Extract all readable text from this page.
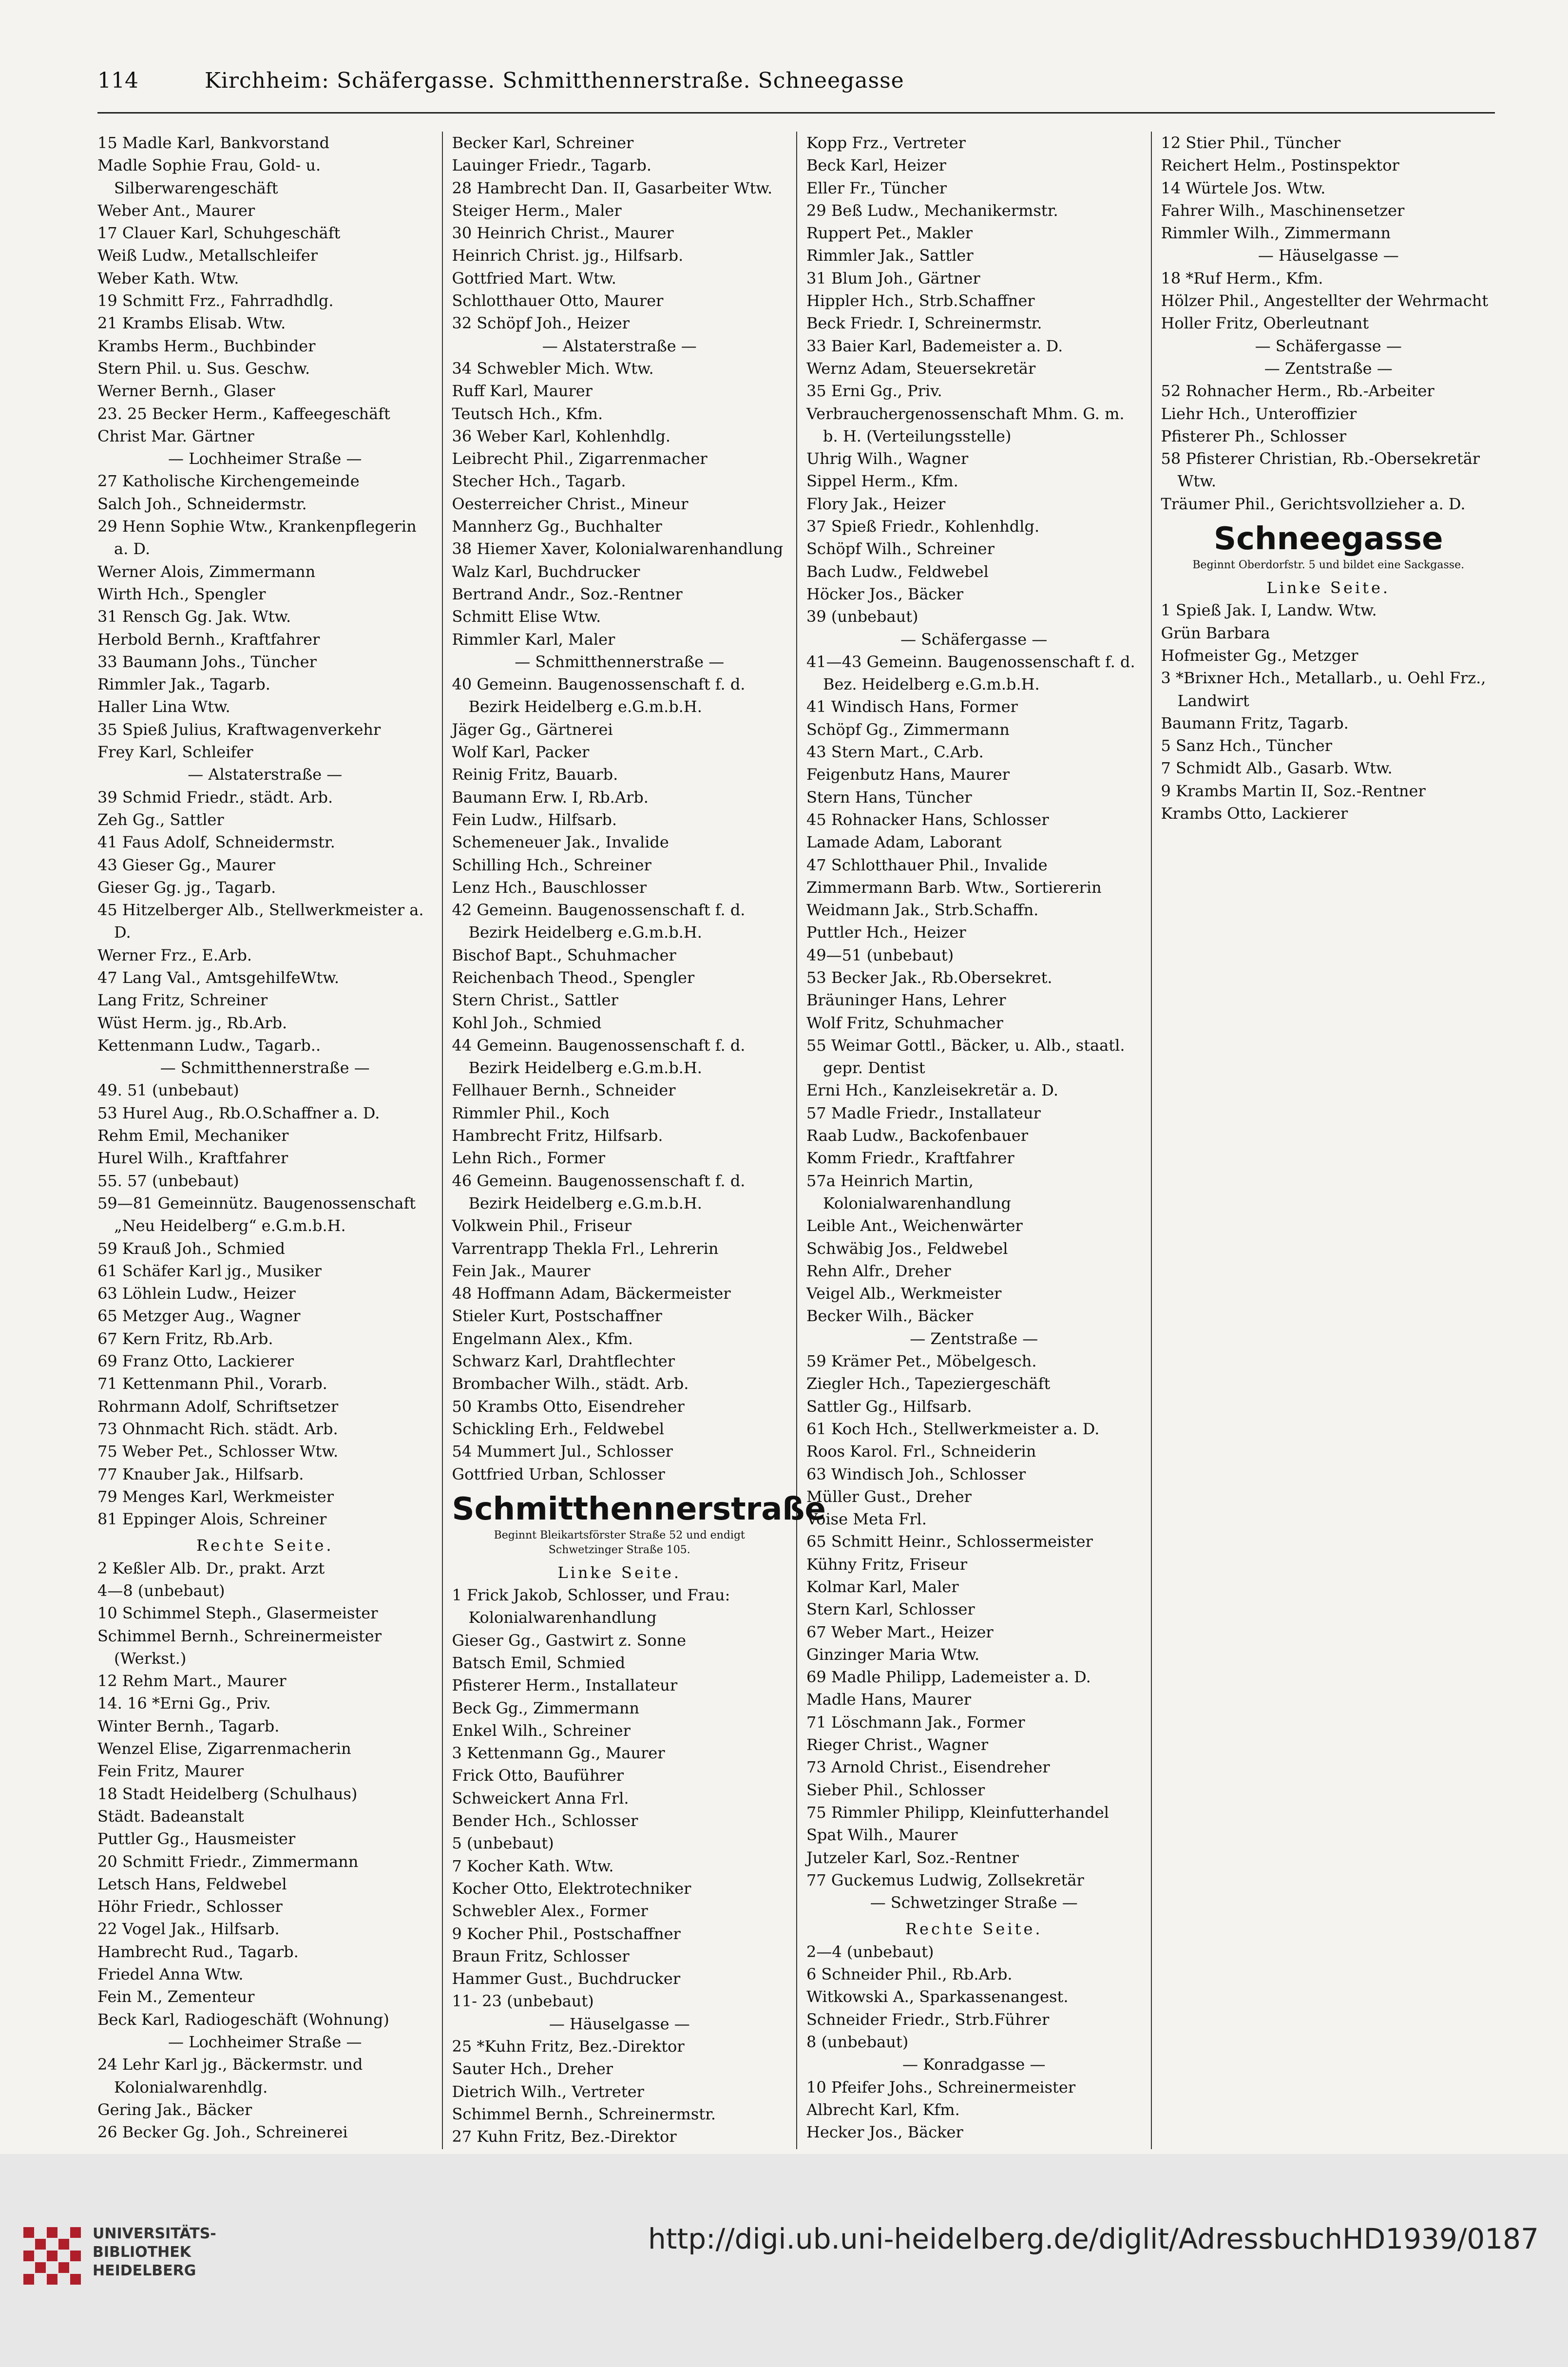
114	Kirchheim: Schäfergasse. Schmitthennerstraße. Schneegasse
15 Madle Karl, Bankvorstand
Madle Sophie Frau, Gold- u. Silberwarengeschäft
Weber Ant., Maurer
17 Clauer Karl, Schuhgeschäft
Weiß Ludw., Metallschleifer
Weber Kath. Wtw.
19 Schmitt Frz., Fahrradhdlg.
21 Krambs Elisab. Wtw.
Krambs Herm., Buchbinder
Stern Phil. u. Sus. Geschw.
Werner Bernh., Glaser
23. 25 Becker Herm., Kaffeegeschäft
Christ Mar. Gärtner
— Lochheimer Straße —
27 Katholische Kirchengemeinde
Salch Joh., Schneidermstr.
29 Henn Sophie Wtw., Krankenpflegerin a. D.
Werner Alois, Zimmermann
Wirth Hch., Spengler
31 Rensch Gg. Jak. Wtw.
Herbold Bernh., Kraftfahrer
33 Baumann Johs., Tüncher
Rimmler Jak., Tagarb.
Haller Lina Wtw.
35 Spieß Julius, Kraftwagenverkehr
Frey Karl, Schleifer
— Alstaterstraße —
39 Schmid Friedr., städt. Arb.
Zeh Gg., Sattler
41 Faus Adolf, Schneidermstr.
43 Gieser Gg., Maurer
Gieser Gg. jg., Tagarb.
45 Hitzelberger Alb., Stellwerkmeister a. D.
Werner Frz., E.Arb.
47 Lang Val., AmtsgehilfeWtw.
Lang Fritz, Schreiner
Wüst Herm. jg., Rb.Arb.
Kettenmann Ludw., Tagarb..
— Schmitthennerstraße —
49. 51 (unbebaut)
53 Hurel Aug., Rb.O.Schaffner a. D.
Rehm Emil, Mechaniker
Hurel Wilh., Kraftfahrer
55. 57 (unbebaut)
59—81 Gemeinnütz. Baugenossenschaft „Neu Heidelberg“ e.G.m.b.H.
59 Krauß Joh., Schmied
61 Schäfer Karl jg., Musiker
63 Löhlein Ludw., Heizer
65 Metzger Aug., Wagner
67 Kern Fritz, Rb.Arb.
69 Franz Otto, Lackierer
71 Kettenmann Phil., Vorarb.
Rohrmann Adolf, Schriftsetzer
73 Ohnmacht Rich. städt. Arb.
75 Weber Pet., Schlosser Wtw.
77 Knauber Jak., Hilfsarb.
79 Menges Karl, Werkmeister
81 Eppinger Alois, Schreiner
Rechte Seite.
2 Keßler Alb. Dr., prakt. Arzt
4—8 (unbebaut)
10 Schimmel Steph., Glasermeister
Schimmel Bernh., Schreinermeister (Werkst.)
12 Rehm Mart., Maurer
14. 16 *Erni Gg., Priv.
Winter Bernh., Tagarb.
Wenzel Elise, Zigarrenmacherin
Fein Fritz, Maurer
18 Stadt Heidelberg (Schulhaus)
Städt. Badeanstalt
Puttler Gg., Hausmeister
20 Schmitt Friedr., Zimmermann
Letsch Hans, Feldwebel
Höhr Friedr., Schlosser
22 Vogel Jak., Hilfsarb.
Hambrecht Rud., Tagarb.
Friedel Anna Wtw.
Fein M., Zementeur
Beck Karl, Radiogeschäft (Wohnung)
— Lochheimer Straße —
24 Lehr Karl jg., Bäckermstr. und Kolonialwarenhdlg.
Gering Jak., Bäcker
26 Becker Gg. Joh., Schreinerei
Becker Karl, Schreiner
Lauinger Friedr., Tagarb.
28 Hambrecht Dan. II, Gasarbeiter Wtw.
Steiger Herm., Maler
30 Heinrich Christ., Maurer
Heinrich Christ. jg., Hilfsarb.
Gottfried Mart. Wtw.
Schlotthauer Otto, Maurer
32 Schöpf Joh., Heizer
— Alstaterstraße —
34 Schwebler Mich. Wtw.
Ruff Karl, Maurer
Teutsch Hch., Kfm.
36 Weber Karl, Kohlenhdlg.
Leibrecht Phil., Zigarrenmacher
Stecher Hch., Tagarb.
Oesterreicher Christ., Mineur
Mannherz Gg., Buchhalter
38 Hiemer Xaver, Kolonialwarenhandlung
Walz Karl, Buchdrucker
Bertrand Andr., Soz.-Rentner
Schmitt Elise Wtw.
Rimmler Karl, Maler
— Schmitthennerstraße —
40 Gemeinn. Baugenossenschaft f. d. Bezirk Heidelberg e.G.m.b.H.
Jäger Gg., Gärtnerei
Wolf Karl, Packer
Reinig Fritz, Bauarb.
Baumann Erw. I, Rb.Arb.
Fein Ludw., Hilfsarb.
Schemeneuer Jak., Invalide
Schilling Hch., Schreiner
Lenz Hch., Bauschlosser
42 Gemeinn. Baugenossenschaft f. d. Bezirk Heidelberg e.G.m.b.H.
Bischof Bapt., Schuhmacher
Reichenbach Theod., Spengler
Stern Christ., Sattler
Kohl Joh., Schmied
44 Gemeinn. Baugenossenschaft f. d. Bezirk Heidelberg e.G.m.b.H.
Fellhauer Bernh., Schneider
Rimmler Phil., Koch
Hambrecht Fritz, Hilfsarb.
Lehn Rich., Former
46 Gemeinn. Baugenossenschaft f. d. Bezirk Heidelberg e.G.m.b.H.
Volkwein Phil., Friseur
Varrentrapp Thekla Frl., Lehrerin
Fein Jak., Maurer
48 Hoffmann Adam, Bäckermeister
Stieler Kurt, Postschaffner
Engelmann Alex., Kfm.
Schwarz Karl, Drahtflechter
Brombacher Wilh., städt. Arb.
50 Krambs Otto, Eisendreher
Schickling Erh., Feldwebel
54 Mummert Jul., Schlosser
Gottfried Urban, Schlosser
Schmitthennerstraße
Beginnt Bleikartsförster Straße 52 und endigt Schwetzinger Straße 105.
Linke Seite.
1 Frick Jakob, Schlosser, und Frau: Kolonialwarenhandlung
Gieser Gg., Gastwirt z. Sonne
Batsch Emil, Schmied
Pfisterer Herm., Installateur
Beck Gg., Zimmermann
Enkel Wilh., Schreiner
3 Kettenmann Gg., Maurer
Frick Otto, Bauführer
Schweickert Anna Frl.
Bender Hch., Schlosser
5 (unbebaut)
7 Kocher Kath. Wtw.
Kocher Otto, Elektrotechniker
Schwebler Alex., Former
9 Kocher Phil., Postschaffner
Braun Fritz, Schlosser
Hammer Gust., Buchdrucker
11- 23 (unbebaut)
— Häuselgasse —
25 *Kuhn Fritz, Bez.-Direktor
Sauter Hch., Dreher
Dietrich Wilh., Vertreter
Schimmel Bernh., Schreinermstr.
27 Kuhn Fritz, Bez.-Direktor
Kopp Frz., Vertreter
Beck Karl, Heizer
Eller Fr., Tüncher
29 Beß Ludw., Mechanikermstr.
Ruppert Pet., Makler
Rimmler Jak., Sattler
31 Blum Joh., Gärtner
Hippler Hch., Strb.Schaffner
Beck Friedr. I, Schreinermstr.
33 Baier Karl, Bademeister a. D.
Wernz Adam, Steuersekretär
35 Erni Gg., Priv.
Verbrauchergenossenschaft Mhm. G. m. b. H. (Verteilungsstelle)
Uhrig Wilh., Wagner
Sippel Herm., Kfm.
Flory Jak., Heizer
37 Spieß Friedr., Kohlenhdlg.
Schöpf Wilh., Schreiner
Bach Ludw., Feldwebel
Höcker Jos., Bäcker
39 (unbebaut)
— Schäfergasse —
41—43 Gemeinn. Baugenossenschaft f. d. Bez. Heidelberg e.G.m.b.H.
41 Windisch Hans, Former
Schöpf Gg., Zimmermann
43 Stern Mart., C.Arb.
Feigenbutz Hans, Maurer
Stern Hans, Tüncher
45 Rohnacker Hans, Schlosser
Lamade Adam, Laborant
47 Schlotthauer Phil., Invalide
Zimmermann Barb. Wtw., Sortiererin
Weidmann Jak., Strb.Schaffn.
Puttler Hch., Heizer
49—51 (unbebaut)
53 Becker Jak., Rb.Obersekret.
Bräuninger Hans, Lehrer
Wolf Fritz, Schuhmacher
55 Weimar Gottl., Bäcker, u. Alb., staatl. gepr. Dentist
Erni Hch., Kanzleisekretär a. D.
57 Madle Friedr., Installateur
Raab Ludw., Backofenbauer
Komm Friedr., Kraftfahrer
57a Heinrich Martin, Kolonialwarenhandlung
Leible Ant., Weichenwärter
Schwäbig Jos., Feldwebel
Rehn Alfr., Dreher
Veigel Alb., Werkmeister
Becker Wilh., Bäcker
— Zentstraße —
59 Krämer Pet., Möbelgesch.
Ziegler Hch., Tapeziergeschäft
Sattler Gg., Hilfsarb.
61 Koch Hch., Stellwerkmeister a. D.
Roos Karol. Frl., Schneiderin
63 Windisch Joh., Schlosser
Müller Gust., Dreher
Voise Meta Frl.
65 Schmitt Heinr., Schlossermeister
Kühny Fritz, Friseur
Kolmar Karl, Maler
Stern Karl, Schlosser
67 Weber Mart., Heizer
Ginzinger Maria Wtw.
69 Madle Philipp, Lademeister a. D.
Madle Hans, Maurer
71 Löschmann Jak., Former
Rieger Christ., Wagner
73 Arnold Christ., Eisendreher
Sieber Phil., Schlosser
75 Rimmler Philipp, Kleinfutterhandel
Spat Wilh., Maurer
Jutzeler Karl, Soz.-Rentner
77 Guckemus Ludwig, Zollsekretär
— Schwetzinger Straße —
Rechte Seite.
2—4 (unbebaut)
6 Schneider Phil., Rb.Arb.
Witkowski A., Sparkassenangest.
Schneider Friedr., Strb.Führer
8 (unbebaut)
— Konradgasse —
10 Pfeifer Johs., Schreinermeister
Albrecht Karl, Kfm.
Hecker Jos., Bäcker
12 Stier Phil., Tüncher
Reichert Helm., Postinspektor
14 Würtele Jos. Wtw.
Fahrer Wilh., Maschinensetzer
Rimmler Wilh., Zimmermann
— Häuselgasse —
18 *Ruf Herm., Kfm.
Hölzer Phil., Angestellter der Wehrmacht
Holler Fritz, Oberleutnant
— Schäfergasse —
— Zentstraße —
52 Rohnacher Herm., Rb.-Arbeiter
Liehr Hch., Unteroffizier
Pfisterer Ph., Schlosser
58 Pfisterer Christian, Rb.-Obersekretär Wtw.
Träumer Phil., Gerichtsvollzieher a. D.
Schneegasse
Beginnt Oberdorfstr. 5 und bildet eine Sackgasse.
Linke Seite.
1 Spieß Jak. I, Landw. Wtw.
Grün Barbara
Hofmeister Gg., Metzger
3 *Brixner Hch., Metallarb., u. Oehl Frz., Landwirt
Baumann Fritz, Tagarb.
5 Sanz Hch., Tüncher
7 Schmidt Alb., Gasarb. Wtw.
9 Krambs Martin II, Soz.-Rentner
Krambs Otto, Lackierer
UNIVERSITÄTS-
BIBLIOTHEK
HEIDELBERG
http://digi.ub.uni-heidelberg.de/diglit/AdressbuchHD1939/0187
